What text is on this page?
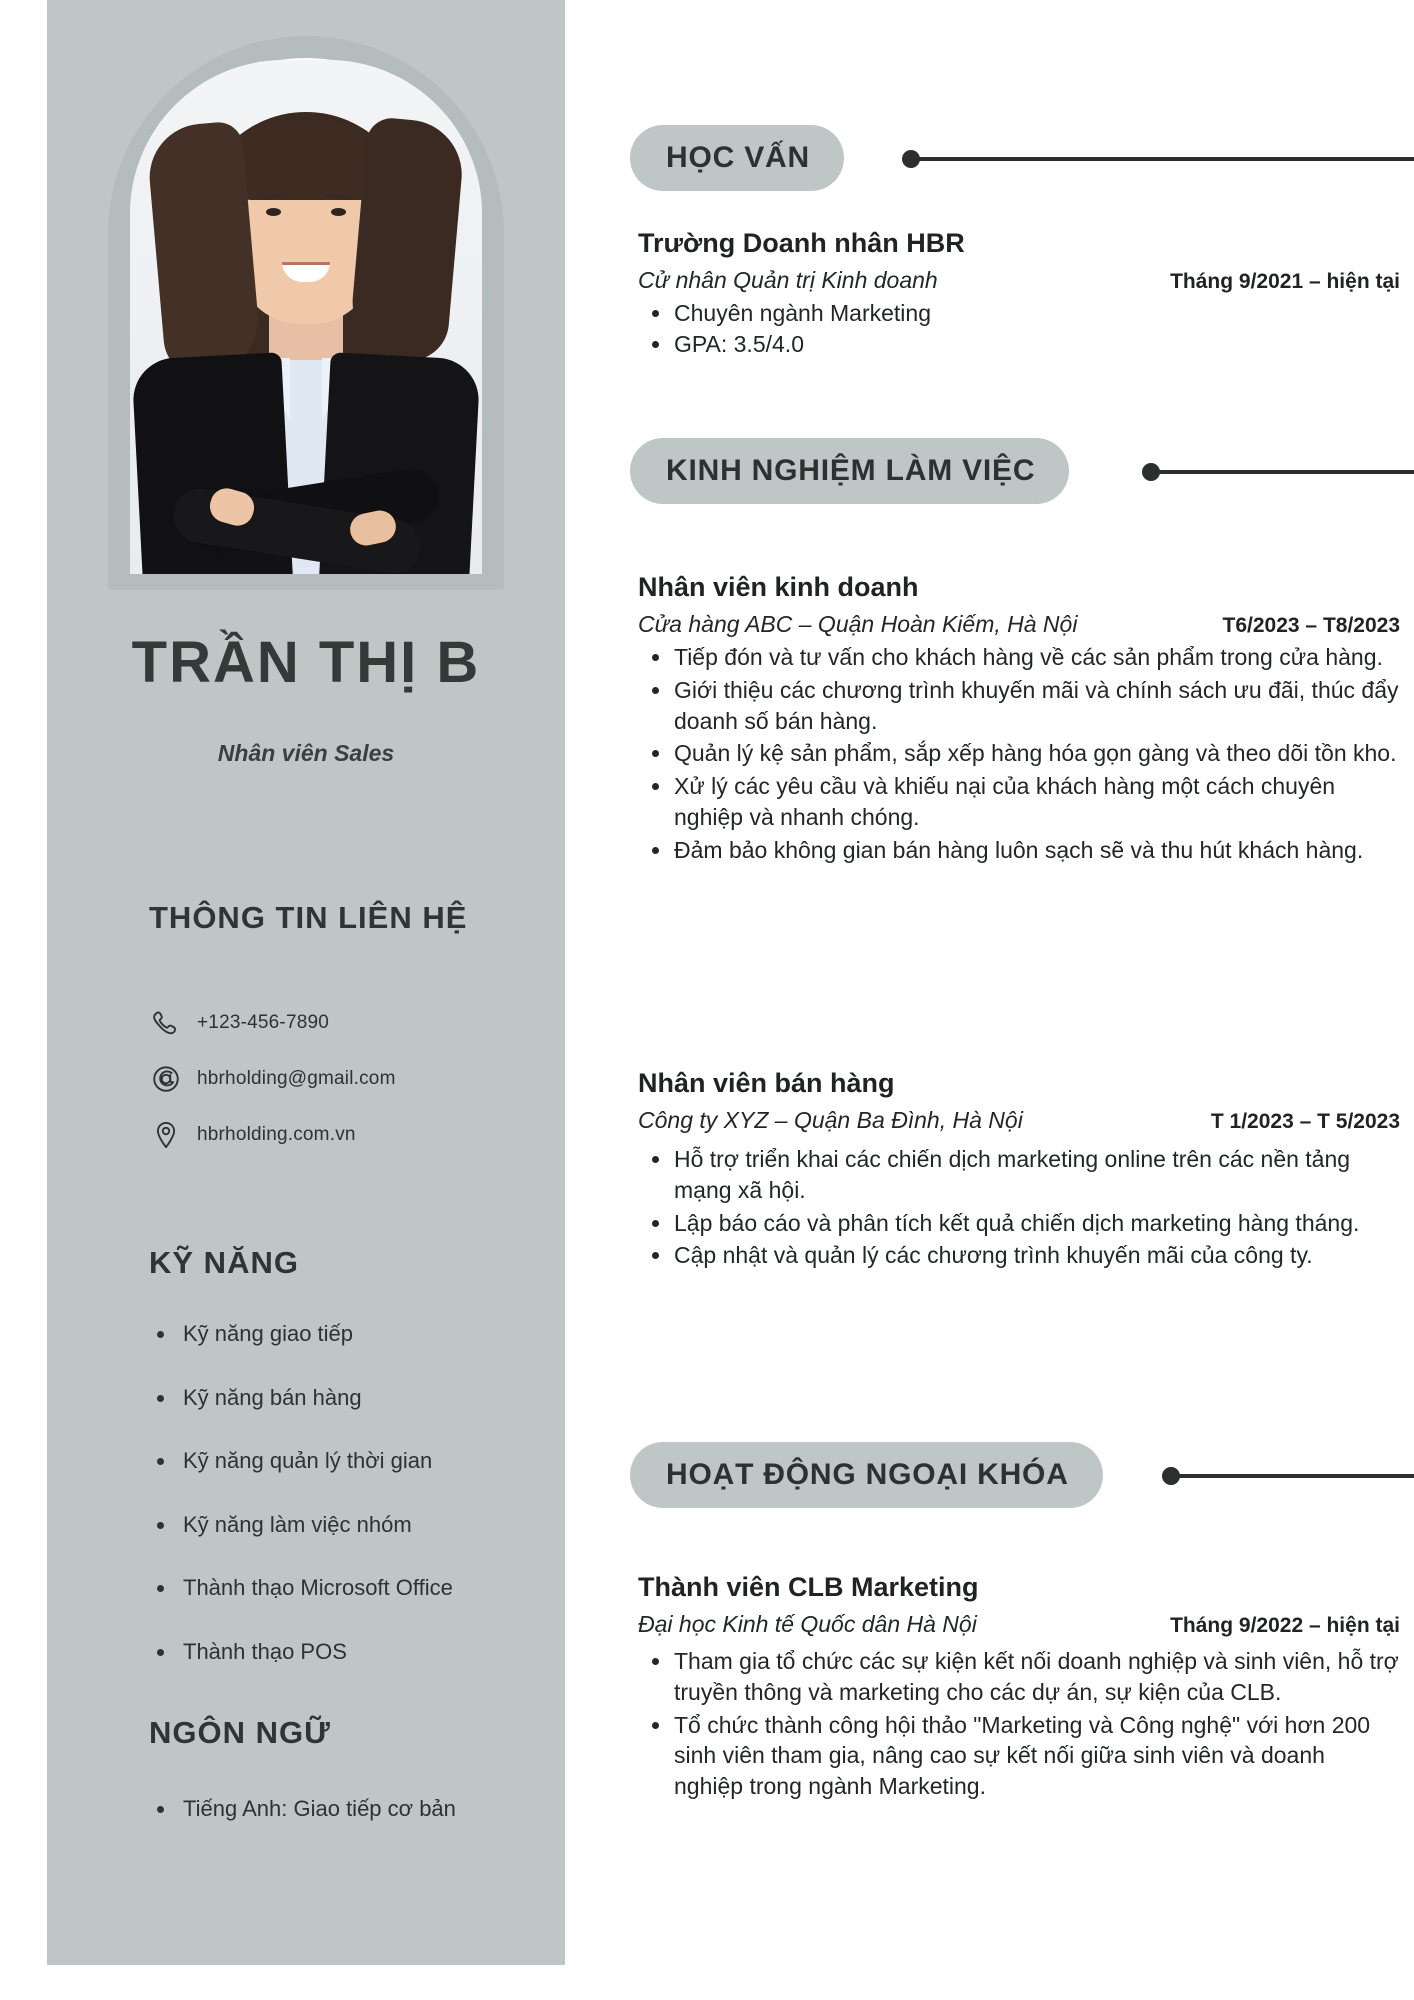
TRẦN THỊ B
Nhân viên Sales
THÔNG TIN LIÊN HỆ
+123-456-7890
hbrholding@gmail.com
hbrholding.com.vn
KỸ NĂNG
Kỹ năng giao tiếp
Kỹ năng bán hàng
Kỹ năng quản lý thời gian
Kỹ năng làm việc nhóm
Thành thạo Microsoft Office
Thành thạo POS
NGÔN NGỮ
Tiếng Anh: Giao tiếp cơ bản
HỌC VẤN
Trường Doanh nhân HBR
Cử nhân Quản trị Kinh doanh	Tháng 9/2021 – hiện tại
Chuyên ngành Marketing
GPA: 3.5/4.0
KINH NGHIỆM LÀM VIỆC
Nhân viên kinh doanh
Cửa hàng ABC – Quận Hoàn Kiếm, Hà Nội	T6/2023 – T8/2023
Tiếp đón và tư vấn cho khách hàng về các sản phẩm trong cửa hàng.
Giới thiệu các chương trình khuyến mãi và chính sách ưu đãi, thúc đẩy doanh số bán hàng.
Quản lý kệ sản phẩm, sắp xếp hàng hóa gọn gàng và theo dõi tồn kho.
Xử lý các yêu cầu và khiếu nại của khách hàng một cách chuyên nghiệp và nhanh chóng.
Đảm bảo không gian bán hàng luôn sạch sẽ và thu hút khách hàng.
Nhân viên bán hàng
Công ty XYZ – Quận Ba Đình, Hà Nội	T 1/2023 – T 5/2023
Hỗ trợ triển khai các chiến dịch marketing online trên các nền tảng mạng xã hội.
Lập báo cáo và phân tích kết quả chiến dịch marketing hàng tháng.
Cập nhật và quản lý các chương trình khuyến mãi của công ty.
HOẠT ĐỘNG NGOẠI KHÓA
Thành viên CLB Marketing
Đại học Kinh tế Quốc dân Hà Nội	Tháng 9/2022 – hiện tại
Tham gia tổ chức các sự kiện kết nối doanh nghiệp và sinh viên, hỗ trợ truyền thông và marketing cho các dự án, sự kiện của CLB.
Tổ chức thành công hội thảo "Marketing và Công nghệ" với hơn 200 sinh viên tham gia, nâng cao sự kết nối giữa sinh viên và doanh nghiệp trong ngành Marketing.
